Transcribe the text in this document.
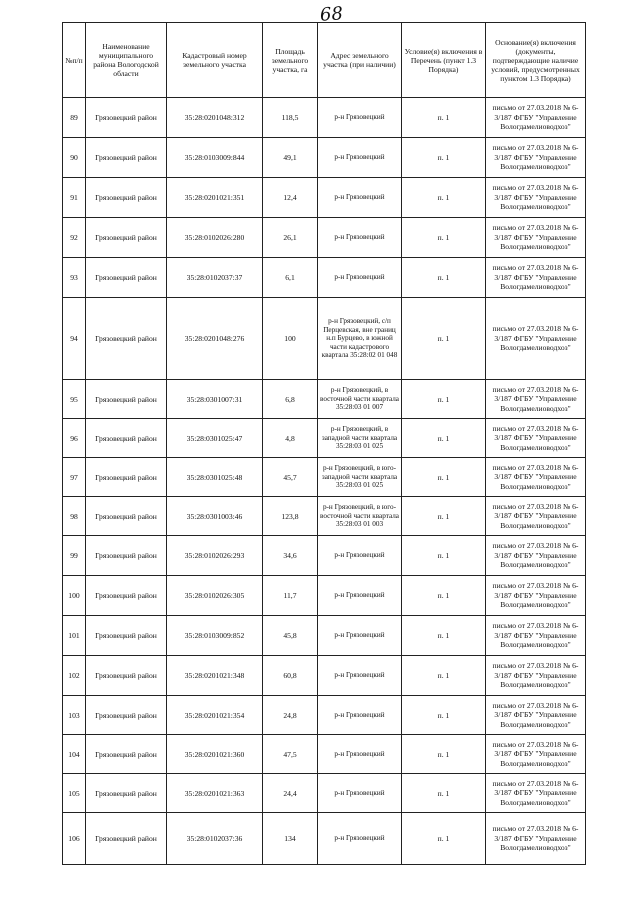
68
№п/п	Наименование муниципального района Вологодской области	Кадастровый номер земельного участка	Площадь земельного участка, га	Адрес земельного участка (при наличии)	Условие(я) включения в Перечень (пункт 1.3 Порядка)	Основание(я) включения (документы, подтверждающие наличие условий, предусмотренных пунктом 1.3 Порядка)
89	Грязовецкий район	35:28:0201048:312	118,5	р-н Грязовецкий	п. 1	письмо от 27.03.2018 № 6-3/187 ФГБУ "Управление Вологдамелиоводхоз"
90	Грязовецкий район	35:28:0103009:844	49,1	р-н Грязовецкий	п. 1	письмо от 27.03.2018 № 6-3/187 ФГБУ "Управление Вологдамелиоводхоз"
91	Грязовецкий район	35:28:0201021:351	12,4	р-н Грязовецкий	п. 1	письмо от 27.03.2018 № 6-3/187 ФГБУ "Управление Вологдамелиоводхоз"
92	Грязовецкий район	35:28:0102026:280	26,1	р-н Грязовецкий	п. 1	письмо от 27.03.2018 № 6-3/187 ФГБУ "Управление Вологдамелиоводхоз"
93	Грязовецкий район	35:28:0102037:37	6,1	р-н Грязовецкий	п. 1	письмо от 27.03.2018 № 6-3/187 ФГБУ "Управление Вологдамелиоводхоз"
94	Грязовецкий район	35:28:0201048:276	100	р-н Грязовецкий, с/п Перцевская, вне границ н.п Бурцево, в южной части кадастрового квартала 35:28:02 01 048	п. 1	письмо от 27.03.2018 № 6-3/187 ФГБУ "Управление Вологдамелиоводхоз"
95	Грязовецкий район	35:28:0301007:31	6,8	р-н Грязовецкий, в восточной части квартала 35:28:03 01 007	п. 1	письмо от 27.03.2018 № 6-3/187 ФГБУ "Управление Вологдамелиоводхоз"
96	Грязовецкий район	35:28:0301025:47	4,8	р-н Грязовецкий, в западной части квартала 35:28:03 01 025	п. 1	письмо от 27.03.2018 № 6-3/187 ФГБУ "Управление Вологдамелиоводхоз"
97	Грязовецкий район	35:28:0301025:48	45,7	р-н Грязовецкий, в юго-западной части квартала 35:28:03 01 025	п. 1	письмо от 27.03.2018 № 6-3/187 ФГБУ "Управление Вологдамелиоводхоз"
98	Грязовецкий район	35:28:0301003:46	123,8	р-н Грязовецкий, в юго-восточной части квартала 35:28:03 01 003	п. 1	письмо от 27.03.2018 № 6-3/187 ФГБУ "Управление Вологдамелиоводхоз"
99	Грязовецкий район	35:28:0102026:293	34,6	р-н Грязовецкий	п. 1	письмо от 27.03.2018 № 6-3/187 ФГБУ "Управление Вологдамелиоводхоз"
100	Грязовецкий район	35:28:0102026:305	11,7	р-н Грязовецкий	п. 1	письмо от 27.03.2018 № 6-3/187 ФГБУ "Управление Вологдамелиоводхоз"
101	Грязовецкий район	35:28:0103009:852	45,8	р-н Грязовецкий	п. 1	письмо от 27.03.2018 № 6-3/187 ФГБУ "Управление Вологдамелиоводхоз"
102	Грязовецкий район	35:28:0201021:348	60,8	р-н Грязовецкий	п. 1	письмо от 27.03.2018 № 6-3/187 ФГБУ "Управление Вологдамелиоводхоз"
103	Грязовецкий район	35:28:0201021:354	24,8	р-н Грязовецкий	п. 1	письмо от 27.03.2018 № 6-3/187 ФГБУ "Управление Вологдамелиоводхоз"
104	Грязовецкий район	35:28:0201021:360	47,5	р-н Грязовецкий	п. 1	письмо от 27.03.2018 № 6-3/187 ФГБУ "Управление Вологдамелиоводхоз"
105	Грязовецкий район	35:28:0201021:363	24,4	р-н Грязовецкий	п. 1	письмо от 27.03.2018 № 6-3/187 ФГБУ "Управление Вологдамелиоводхоз"
106	Грязовецкий район	35:28:0102037:36	134	р-н Грязовецкий	п. 1	письмо от 27.03.2018 № 6-3/187 ФГБУ "Управление Вологдамелиоводхоз"
